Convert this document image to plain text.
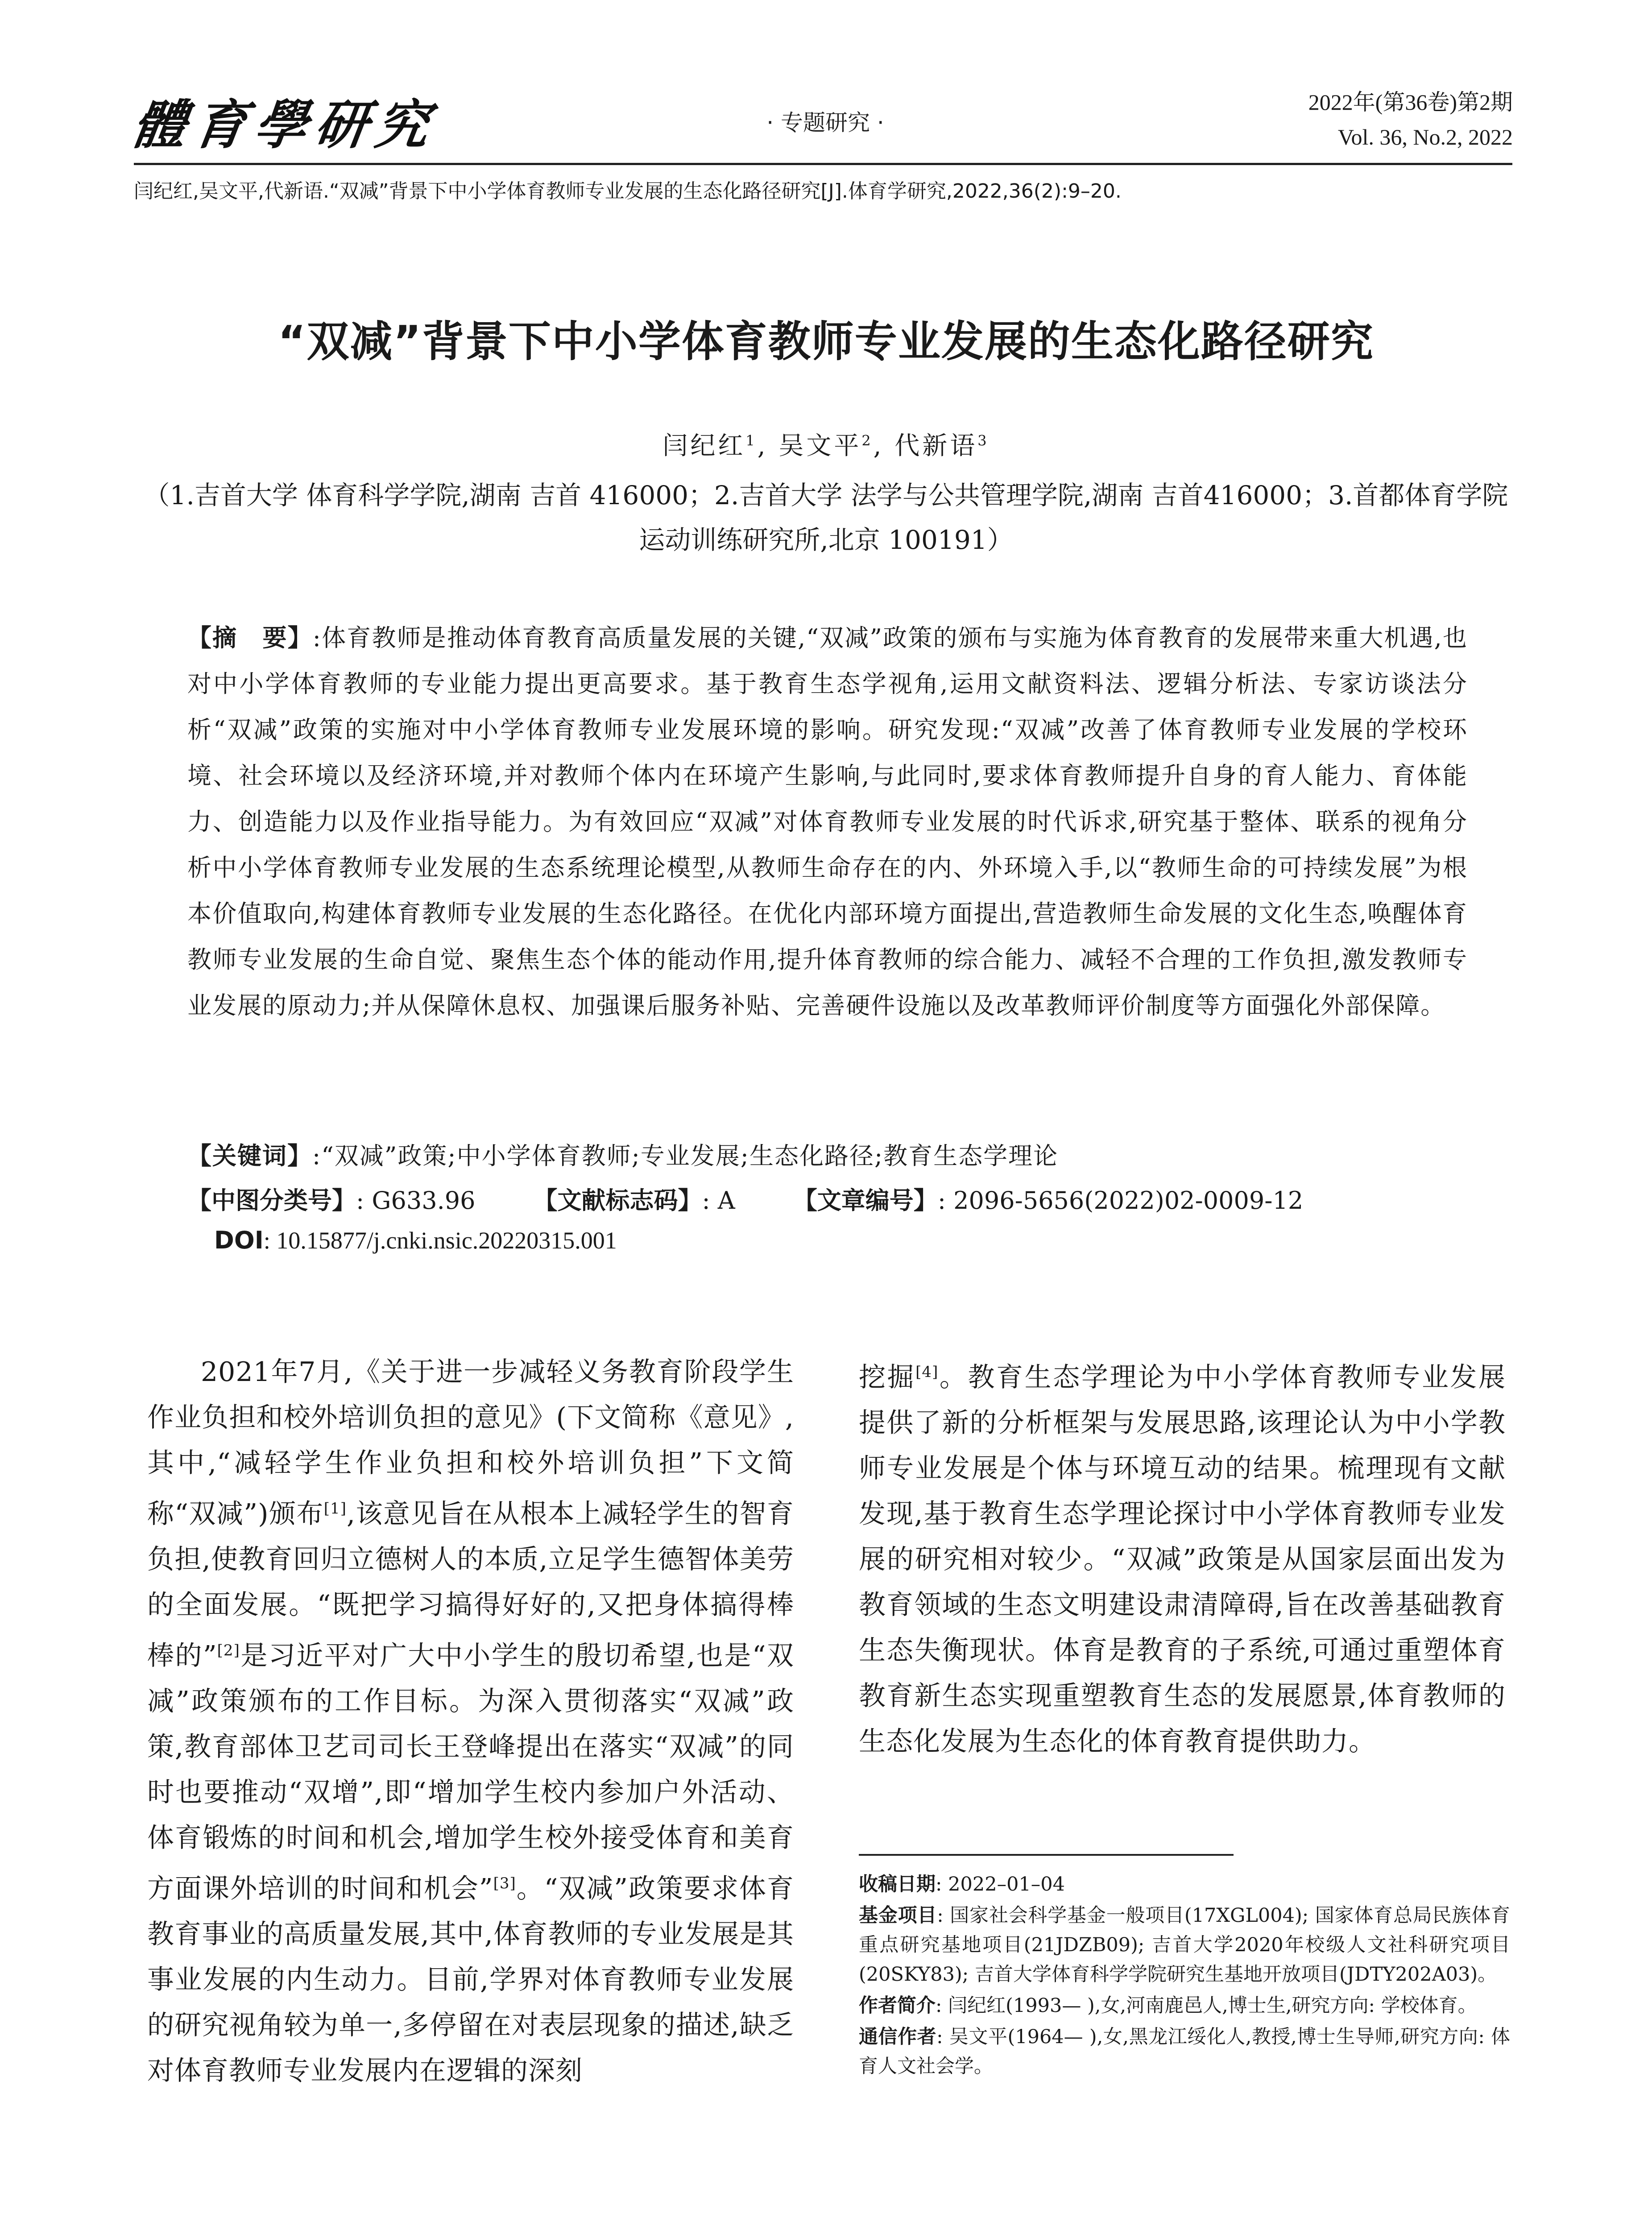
體育學研究	· 专题研究 ·
2022年(第36卷)第2期
Vol. 36, No.2, 2022
闫纪红,吴文平,代新语.“双减”背景下中小学体育教师专业发展的生态化路径研究[J].体育学研究,2022,36(2):9–20.
“双减”背景下中小学体育教师专业发展的生态化路径研究
闫纪红$^1$, 吴文平$^2$, 代新语$^3$
（1.吉首大学 体育科学学院,湖南 吉首 416000；2.吉首大学 法学与公共管理学院,湖南 吉首416000；3.首都体育学院 运动训练研究所,北京 100191）
【摘　要】:体育教师是推动体育教育高质量发展的关键,“双减”政策的颁布与实施为体育教育的发展带来重大机遇,也对中小学体育教师的专业能力提出更高要求。基于教育生态学视角,运用文献资料法、逻辑分析法、专家访谈法分析“双减”政策的实施对中小学体育教师专业发展环境的影响。研究发现:“双减”改善了体育教师专业发展的学校环境、社会环境以及经济环境,并对教师个体内在环境产生影响,与此同时,要求体育教师提升自身的育人能力、育体能力、创造能力以及作业指导能力。为有效回应“双减”对体育教师专业发展的时代诉求,研究基于整体、联系的视角分析中小学体育教师专业发展的生态系统理论模型,从教师生命存在的内、外环境入手,以“教师生命的可持续发展”为根本价值取向,构建体育教师专业发展的生态化路径。在优化内部环境方面提出,营造教师生命发展的文化生态,唤醒体育教师专业发展的生命自觉、聚焦生态个体的能动作用,提升体育教师的综合能力、减轻不合理的工作负担,激发教师专业发展的原动力;并从保障休息权、加强课后服务补贴、完善硬件设施以及改革教师评价制度等方面强化外部保障。
【关键词】:“双减”政策;中小学体育教师;专业发展;生态化路径;教育生态学理论
【中图分类号】: G633.96 【文献标志码】: A 【文章编号】: 2096-5656(2022)02-0009-12
DOI: 10.15877/j.cnki.nsic.20220315.001

2021年7月,《关于进一步减轻义务教育阶段学生作业负担和校外培训负担的意见》(下文简称《意见》,其中,“减轻学生作业负担和校外培训负担”下文简称“双减”)颁布[1],该意见旨在从根本上减轻学生的智育负担,使教育回归立德树人的本质,立足学生德智体美劳的全面发展。“既把学习搞得好好的,又把身体搞得棒棒的”[2]是习近平对广大中小学生的殷切希望,也是“双减”政策颁布的工作目标。为深入贯彻落实“双减”政策,教育部体卫艺司司长王登峰提出在落实“双减”的同时也要推动“双增”,即“增加学生校内参加户外活动、体育锻炼的时间和机会,增加学生校外接受体育和美育方面课外培训的时间和机会”[3]。“双减”政策要求体育教育事业的高质量发展,其中,体育教师的专业发展是其事业发展的内生动力。目前,学界对体育教师专业发展的研究视角较为单一,多停留在对表层现象的描述,缺乏对体育教师专业发展内在逻辑的深刻

挖掘[4]。教育生态学理论为中小学体育教师专业发展提供了新的分析框架与发展思路,该理论认为中小学教师专业发展是个体与环境互动的结果。梳理现有文献发现,基于教育生态学理论探讨中小学体育教师专业发展的研究相对较少。“双减”政策是从国家层面出发为教育领域的生态文明建设肃清障碍,旨在改善基础教育生态失衡现状。体育是教育的子系统,可通过重塑体育教育新生态实现重塑教育生态的发展愿景,体育教师的生态化发展为生态化的体育教育提供助力。

收稿日期: 2022–01–04
基金项目: 国家社会科学基金一般项目(17XGL004); 国家体育总局民族体育重点研究基地项目(21JDZB09); 吉首大学2020年校级人文社科研究项目(20SKY83); 吉首大学体育科学学院研究生基地开放项目(JDTY202A03)。
作者简介: 闫纪红(1993— ),女,河南鹿邑人,博士生,研究方向: 学校体育。
通信作者: 吴文平(1964— ),女,黑龙江绥化人,教授,博士生导师,研究方向: 体育人文社会学。
